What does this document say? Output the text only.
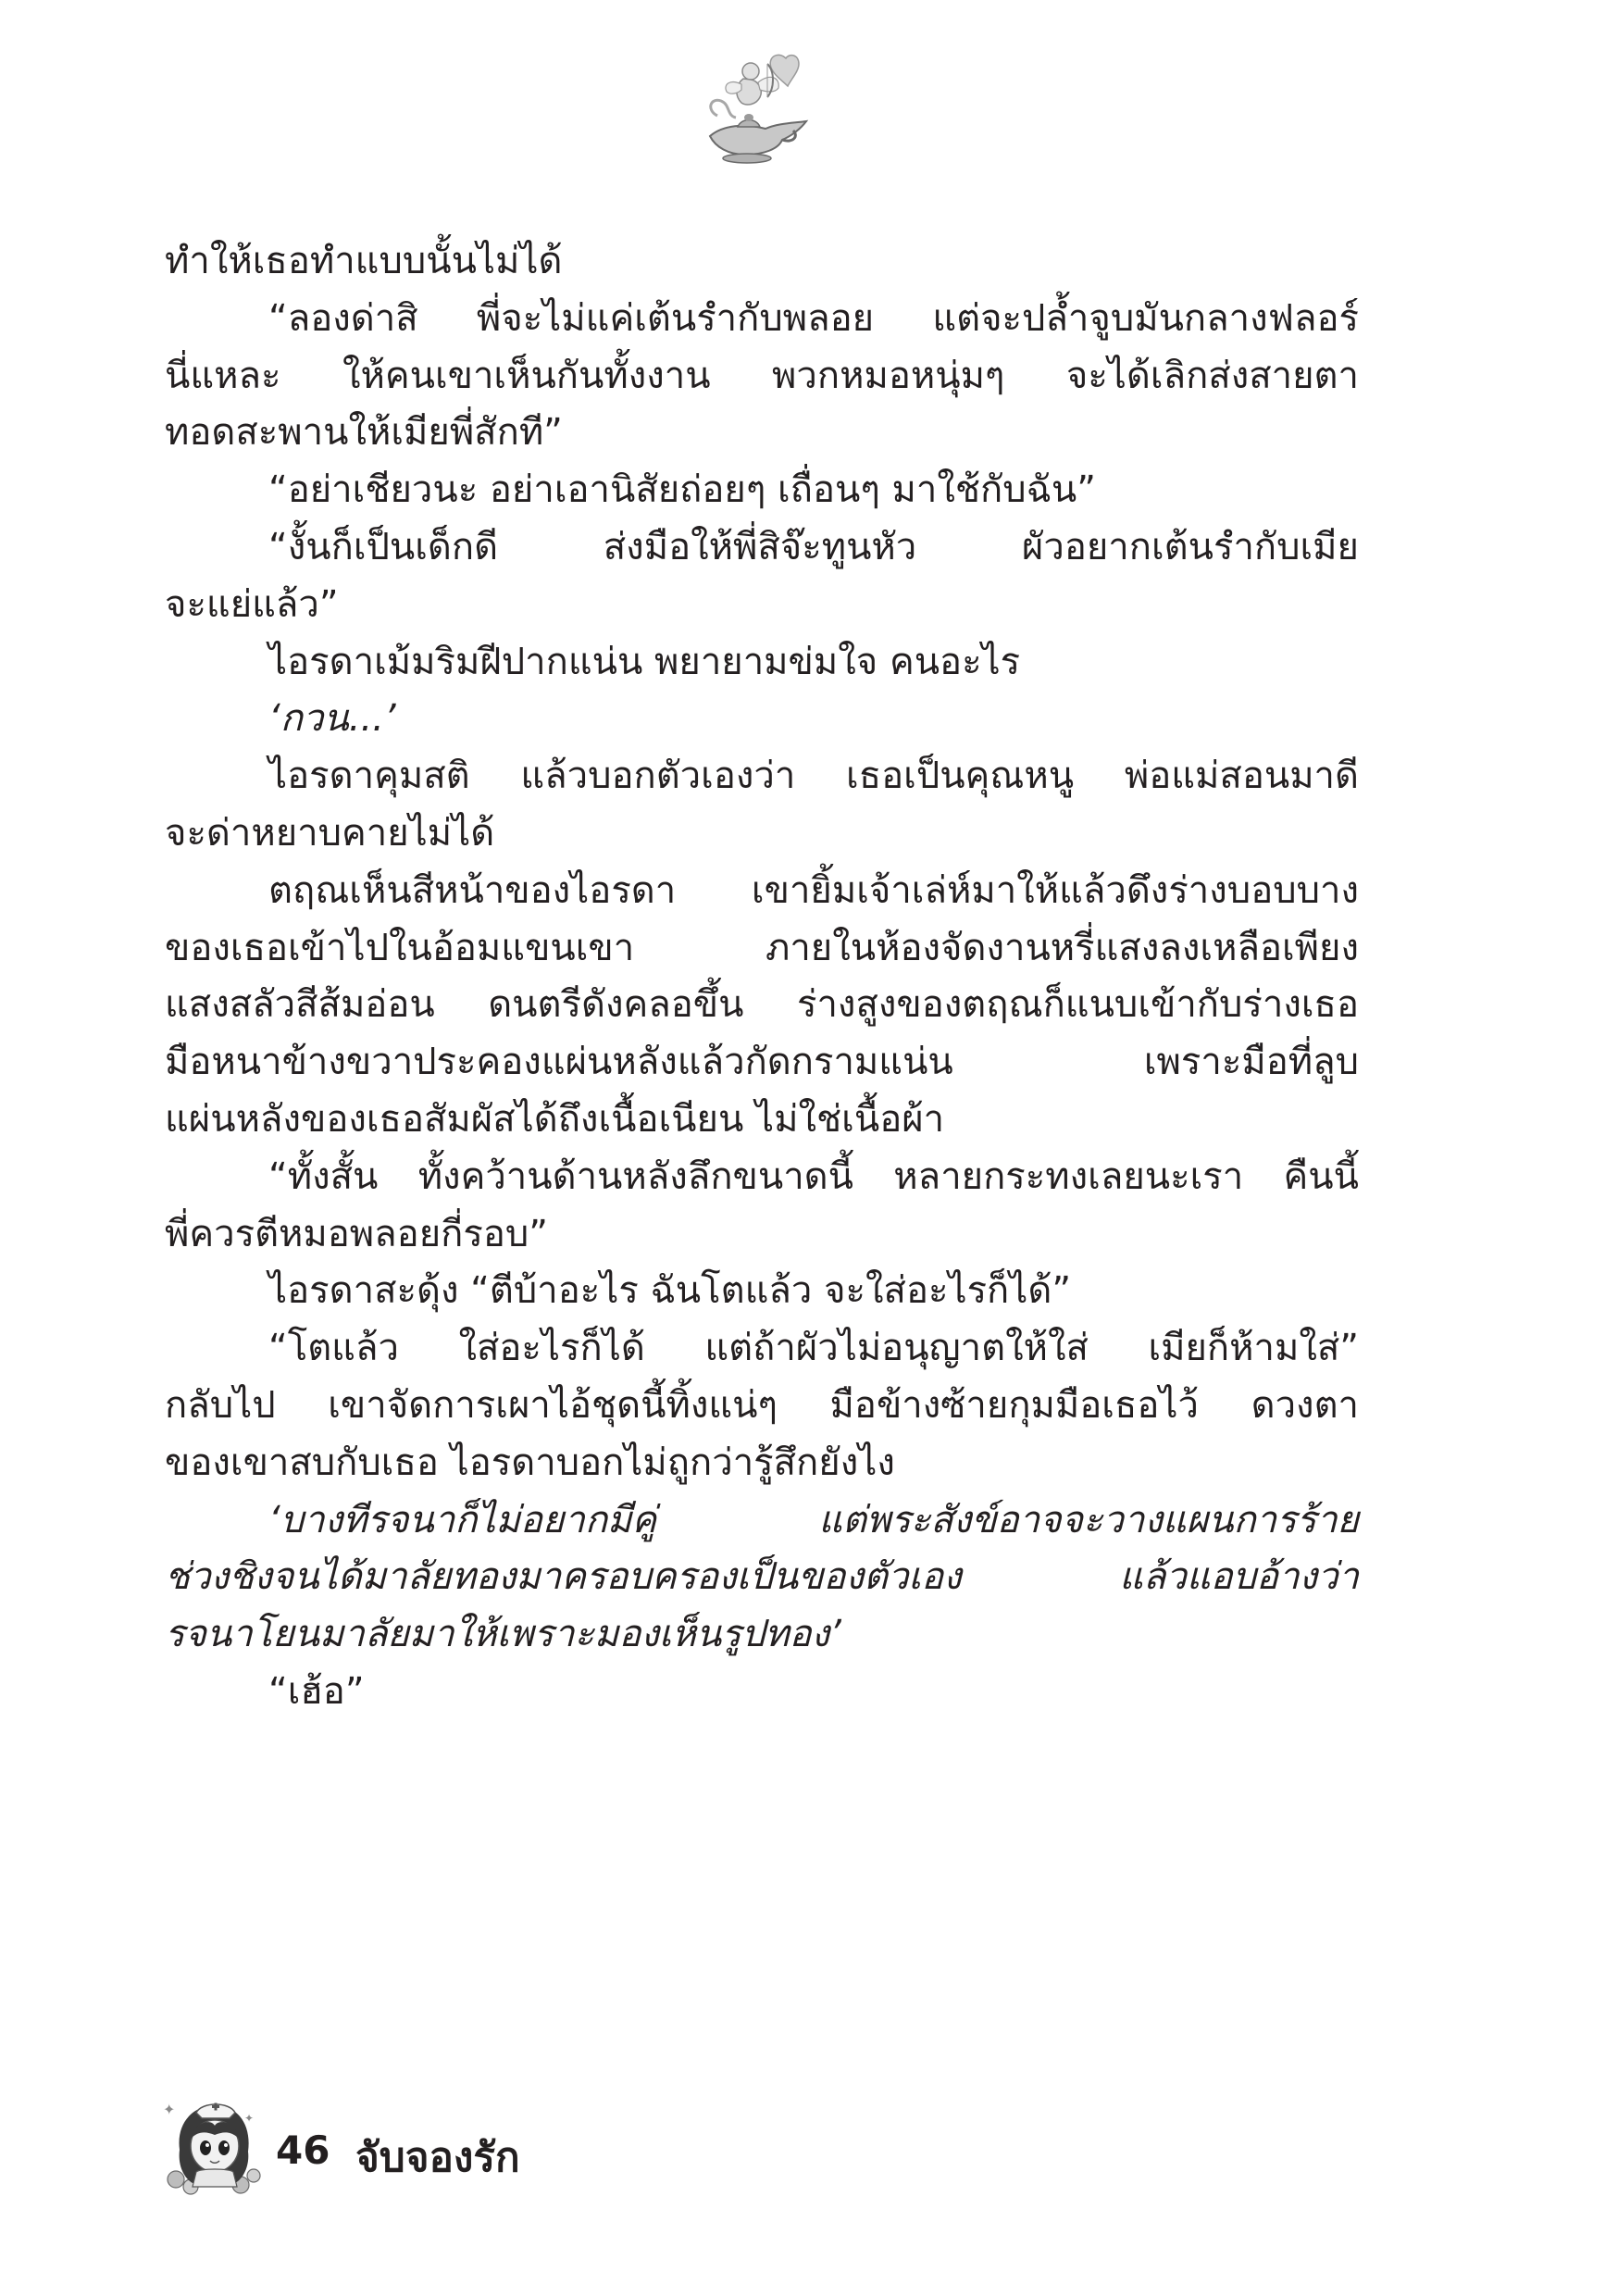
ทำให้เธอทำแบบนั้นไม่ได้
“ลองด่าสิ พี่จะไม่แค่เต้นรำกับพลอย แต่จะปล้ำจูบมันกลางฟลอร์
นี่แหละ ให้คนเขาเห็นกันทั้งงาน พวกหมอหนุ่มๆ จะได้เลิกส่งสายตา
ทอดสะพานให้เมียพี่สักที”
“อย่าเชียวนะ อย่าเอานิสัยถ่อยๆ เถื่อนๆ มาใช้กับฉัน”
“งั้นก็เป็นเด็กดี ส่งมือให้พี่สิจ๊ะทูนหัว ผัวอยากเต้นรำกับเมีย
จะแย่แล้ว”
ไอรดาเม้มริมฝีปากแน่น พยายามข่มใจ คนอะไร
‘กวน...’
ไอรดาคุมสติ แล้วบอกตัวเองว่า เธอเป็นคุณหนู พ่อแม่สอนมาดี
จะด่าหยาบคายไม่ได้
ตฤณเห็นสีหน้าของไอรดา เขายิ้มเจ้าเล่ห์มาให้แล้วดึงร่างบอบบาง
ของเธอเข้าไปในอ้อมแขนเขา ภายในห้องจัดงานหรี่แสงลงเหลือเพียง
แสงสลัวสีส้มอ่อน ดนตรีดังคลอขึ้น ร่างสูงของตฤณก็แนบเข้ากับร่างเธอ
มือหนาข้างขวาประคองแผ่นหลังแล้วกัดกรามแน่น เพราะมือที่ลูบ
แผ่นหลังของเธอสัมผัสได้ถึงเนื้อเนียน ไม่ใช่เนื้อผ้า
“ทั้งสั้น ทั้งคว้านด้านหลังลึกขนาดนี้ หลายกระทงเลยนะเรา คืนนี้
พี่ควรตีหมอพลอยกี่รอบ”
ไอรดาสะดุ้ง “ตีบ้าอะไร ฉันโตแล้ว จะใส่อะไรก็ได้”
“โตแล้ว ใส่อะไรก็ได้ แต่ถ้าผัวไม่อนุญาตให้ใส่ เมียก็ห้ามใส่”
กลับไป เขาจัดการเผาไอ้ชุดนี้ทิ้งแน่ๆ มือข้างซ้ายกุมมือเธอไว้ ดวงตา
ของเขาสบกับเธอ ไอรดาบอกไม่ถูกว่ารู้สึกยังไง
‘บางทีรจนาก็ไม่อยากมีคู่ แต่พระสังข์อาจจะวางแผนการร้าย
ช่วงชิงจนได้มาลัยทองมาครอบครองเป็นของตัวเอง แล้วแอบอ้างว่า
รจนาโยนมาลัยมาให้เพราะมองเห็นรูปทอง’
“เฮ้อ”
✦	✦
46 จับจองรัก
